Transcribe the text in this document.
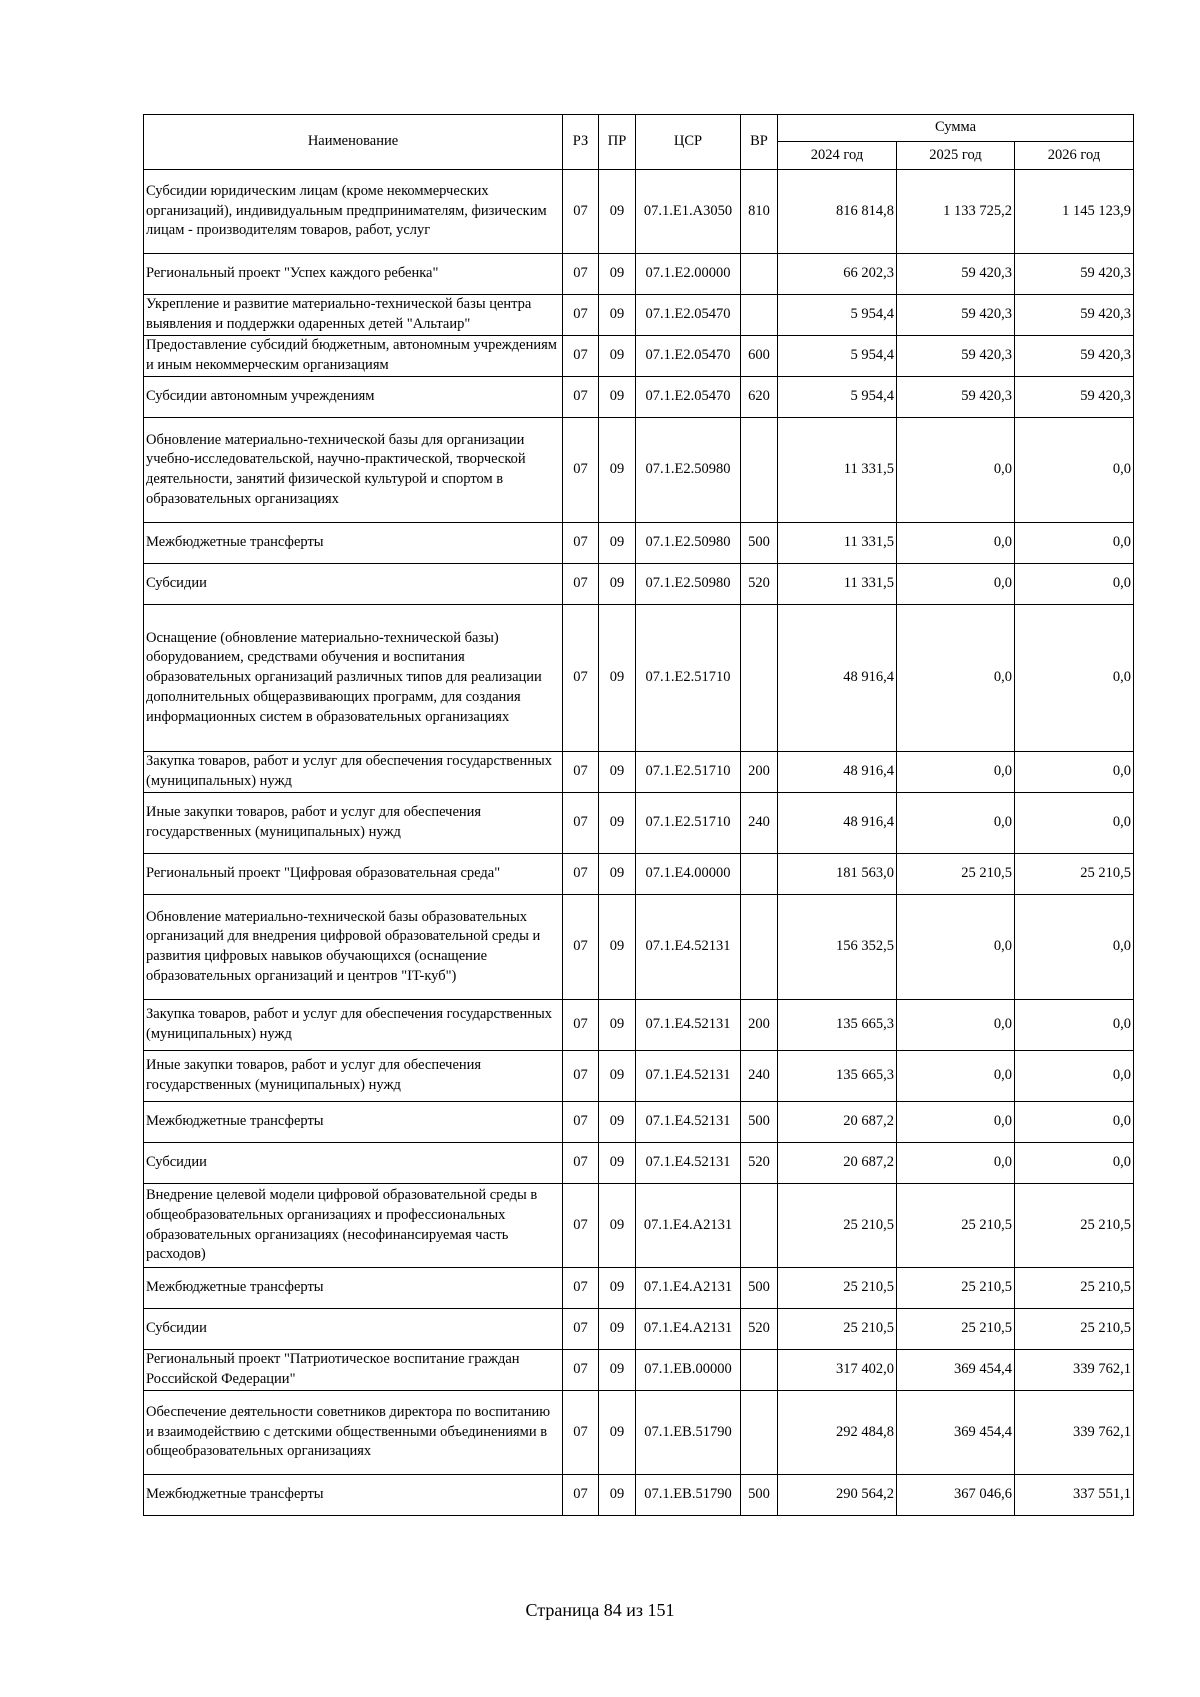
Наименование	РЗ	ПР	ЦСР	ВР	Сумма		
					2024 год	2025 год	2026 год
Субсидии юридическим лицам (кроме некоммерческих организаций), индивидуальным предпринимателям, физическим лицам - производителям товаров, работ, услуг	07	09	07.1.E1.A3050	810	816 814,8	1 133 725,2	1 145 123,9
Региональный проект "Успех каждого ребенка"	07	09	07.1.E2.00000		66 202,3	59 420,3	59 420,3
Укрепление и развитие материально-технической базы центра выявления и поддержки одаренных детей "Альтаир"	07	09	07.1.E2.05470		5 954,4	59 420,3	59 420,3
Предоставление субсидий бюджетным, автономным учреждениям и иным некоммерческим организациям	07	09	07.1.E2.05470	600	5 954,4	59 420,3	59 420,3
Субсидии автономным учреждениям	07	09	07.1.E2.05470	620	5 954,4	59 420,3	59 420,3
Обновление материально-технической базы для организации учебно-исследовательской, научно-практической, творческой деятельности, занятий физической культурой и спортом в образовательных организациях	07	09	07.1.E2.50980		11 331,5	0,0	0,0
Межбюджетные трансферты	07	09	07.1.E2.50980	500	11 331,5	0,0	0,0
Субсидии	07	09	07.1.E2.50980	520	11 331,5	0,0	0,0
Оснащение (обновление материально-технической базы) оборудованием, средствами обучения и воспитания образовательных организаций различных типов для реализации дополнительных общеразвивающих программ, для создания информационных систем в образовательных организациях	07	09	07.1.E2.51710		48 916,4	0,0	0,0
Закупка товаров, работ и услуг для обеспечения государственных (муниципальных) нужд	07	09	07.1.E2.51710	200	48 916,4	0,0	0,0
Иные закупки товаров, работ и услуг для обеспечения государственных (муниципальных) нужд	07	09	07.1.E2.51710	240	48 916,4	0,0	0,0
Региональный проект "Цифровая образовательная среда"	07	09	07.1.E4.00000		181 563,0	25 210,5	25 210,5
Обновление материально-технической базы образовательных организаций для внедрения цифровой образовательной среды и развития цифровых навыков обучающихся (оснащение образовательных организаций и центров "IT-куб")	07	09	07.1.E4.52131		156 352,5	0,0	0,0
Закупка товаров, работ и услуг для обеспечения государственных (муниципальных) нужд	07	09	07.1.E4.52131	200	135 665,3	0,0	0,0
Иные закупки товаров, работ и услуг для обеспечения государственных (муниципальных) нужд	07	09	07.1.E4.52131	240	135 665,3	0,0	0,0
Межбюджетные трансферты	07	09	07.1.E4.52131	500	20 687,2	0,0	0,0
Субсидии	07	09	07.1.E4.52131	520	20 687,2	0,0	0,0
Внедрение целевой модели цифровой образовательной среды в общеобразовательных организациях и профессиональных образовательных организациях (несофинансируемая часть расходов)	07	09	07.1.E4.A2131		25 210,5	25 210,5	25 210,5
Межбюджетные трансферты	07	09	07.1.E4.A2131	500	25 210,5	25 210,5	25 210,5
Субсидии	07	09	07.1.E4.A2131	520	25 210,5	25 210,5	25 210,5
Региональный проект "Патриотическое воспитание граждан Российской Федерации"	07	09	07.1.EB.00000		317 402,0	369 454,4	339 762,1
Обеспечение деятельности советников директора по воспитанию и взаимодействию с детскими общественными объединениями в общеобразовательных организациях	07	09	07.1.EB.51790		292 484,8	369 454,4	339 762,1
Межбюджетные трансферты	07	09	07.1.EB.51790	500	290 564,2	367 046,6	337 551,1
Страница 84 из 151
